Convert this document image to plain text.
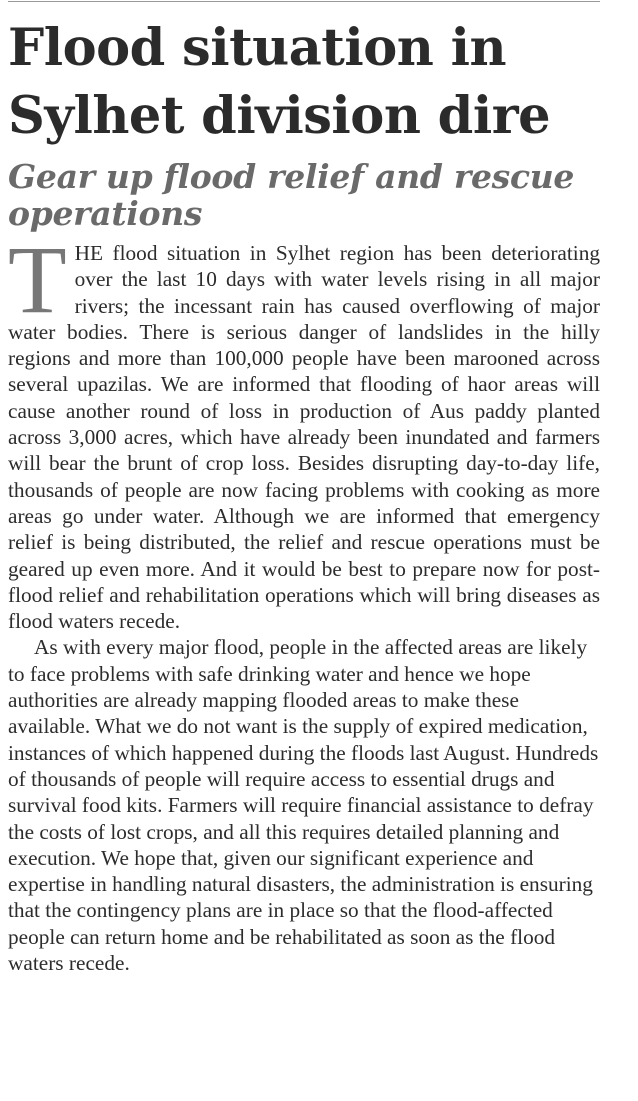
Flood situation in Sylhet division dire
Gear up flood relief and rescue operations

THE flood situation in Sylhet region has been deteriorating over the last 10 days with water levels rising in all major rivers; the incessant rain has caused overflowing of major water bodies. There is serious danger of landslides in the hilly regions and more than 100,000 people have been marooned across several upazilas. We are informed that flooding of haor areas will cause another round of loss in production of Aus paddy planted across 3,000 acres, which have already been inundated and farmers will bear the brunt of crop loss. Besides disrupting day-to-day life, thousands of people are now facing problems with cooking as more areas go under water. Although we are informed that emergency relief is being distributed, the relief and rescue operations must be geared up even more. And it would be best to prepare now for post-flood relief and rehabilitation operations which will bring diseases as flood waters recede.

As with every major flood, people in the affected areas are likely to face problems with safe drinking water and hence we hope authorities are already mapping flooded areas to make these available. What we do not want is the supply of expired medication, instances of which happened during the floods last August. Hundreds of thousands of people will require access to essential drugs and survival food kits. Farmers will require financial assistance to defray the costs of lost crops, and all this requires detailed planning and execution. We hope that, given our significant experience and expertise in handling natural disasters, the administration is ensuring that the contingency plans are in place so that the flood-affected people can return home and be rehabilitated as soon as the flood waters recede.
